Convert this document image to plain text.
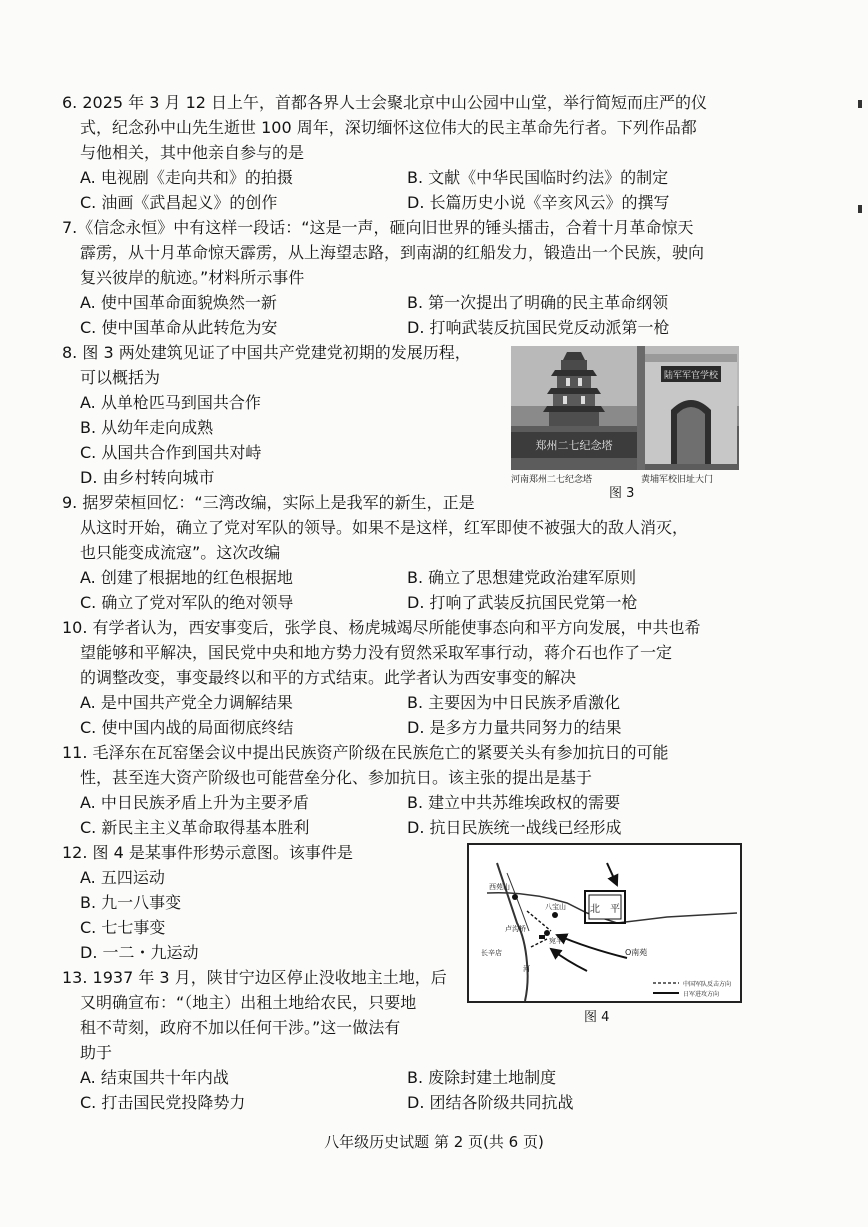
6. 2025 年 3 月 12 日上午，首都各界人士会聚北京中山公园中山堂，举行简短而庄严的仪
式，纪念孙中山先生逝世 100 周年，深切缅怀这位伟大的民主革命先行者。下列作品都
与他相关，其中他亲自参与的是
A. 电视剧《走向共和》的拍摄	B. 文献《中华民国临时约法》的制定
C. 油画《武昌起义》的创作	D. 长篇历史小说《辛亥风云》的撰写
7.《信念永恒》中有这样一段话：“这是一声，砸向旧世界的锤头擂击，合着十月革命惊天
霹雳，从十月革命惊天霹雳，从上海望志路，到南湖的红船发力，锻造出一个民族，驶向
复兴彼岸的航迹。”材料所示事件
A. 使中国革命面貌焕然一新	B. 第一次提出了明确的民主革命纲领
C. 使中国革命从此转危为安	D. 打响武装反抗国民党反动派第一枪
8. 图 3 两处建筑见证了中国共产党建党初期的发展历程，
可以概括为
A. 从单枪匹马到国共合作
B. 从幼年走向成熟
C. 从国共合作到国共对峙
D. 由乡村转向城市
郑州二七纪念塔
陆军军官学校
河南郑州二七纪念塔	黄埔军校旧址大门
图 3
9. 据罗荣桓回忆：“三湾改编，实际上是我军的新生，正是
从这时开始，确立了党对军队的领导。如果不是这样，红军即使不被强大的敌人消灭，
也只能变成流寇”。这次改编
A. 创建了根据地的红色根据地	B. 确立了思想建党政治建军原则
C. 确立了党对军队的绝对领导	D. 打响了武装反抗国民党第一枪
10. 有学者认为，西安事变后，张学良、杨虎城竭尽所能使事态向和平方向发展，中共也希
望能够和平解决，国民党中央和地方势力没有贸然采取军事行动，蒋介石也作了一定
的调整改变，事变最终以和平的方式结束。此学者认为西安事变的解决
A. 是中国共产党全力调解结果	B. 主要因为中日民族矛盾激化
C. 使中国内战的局面彻底终结	D. 是多方力量共同努力的结果
11. 毛泽东在瓦窑堡会议中提出民族资产阶级在民族危亡的紧要关头有参加抗日的可能
性，甚至连大资产阶级也可能营垒分化、参加抗日。该主张的提出是基于
A. 中日民族矛盾上升为主要矛盾	B. 建立中共苏维埃政权的需要
C. 新民主主义革命取得基本胜利	D. 抗日民族统一战线已经形成
12. 图 4 是某事件形势示意图。该事件是
A. 五四运动
B. 九一八事变
C. 七七事变
D. 一二・九运动
北　平
西苑山
八宝山
卢沟桥
宛平
长辛店
河
O南苑
中国军队反击方向
日军进攻方向
图 4
13. 1937 年 3 月，陕甘宁边区停止没收地主土地，后
又明确宣布：“（地主）出租土地给农民，只要地
租不苛刻，政府不加以任何干涉。”这一做法有
助于
A. 结束国共十年内战	B. 废除封建土地制度
C. 打击国民党投降势力	D. 团结各阶级共同抗战
八年级历史试题 第 2 页(共 6 页)
